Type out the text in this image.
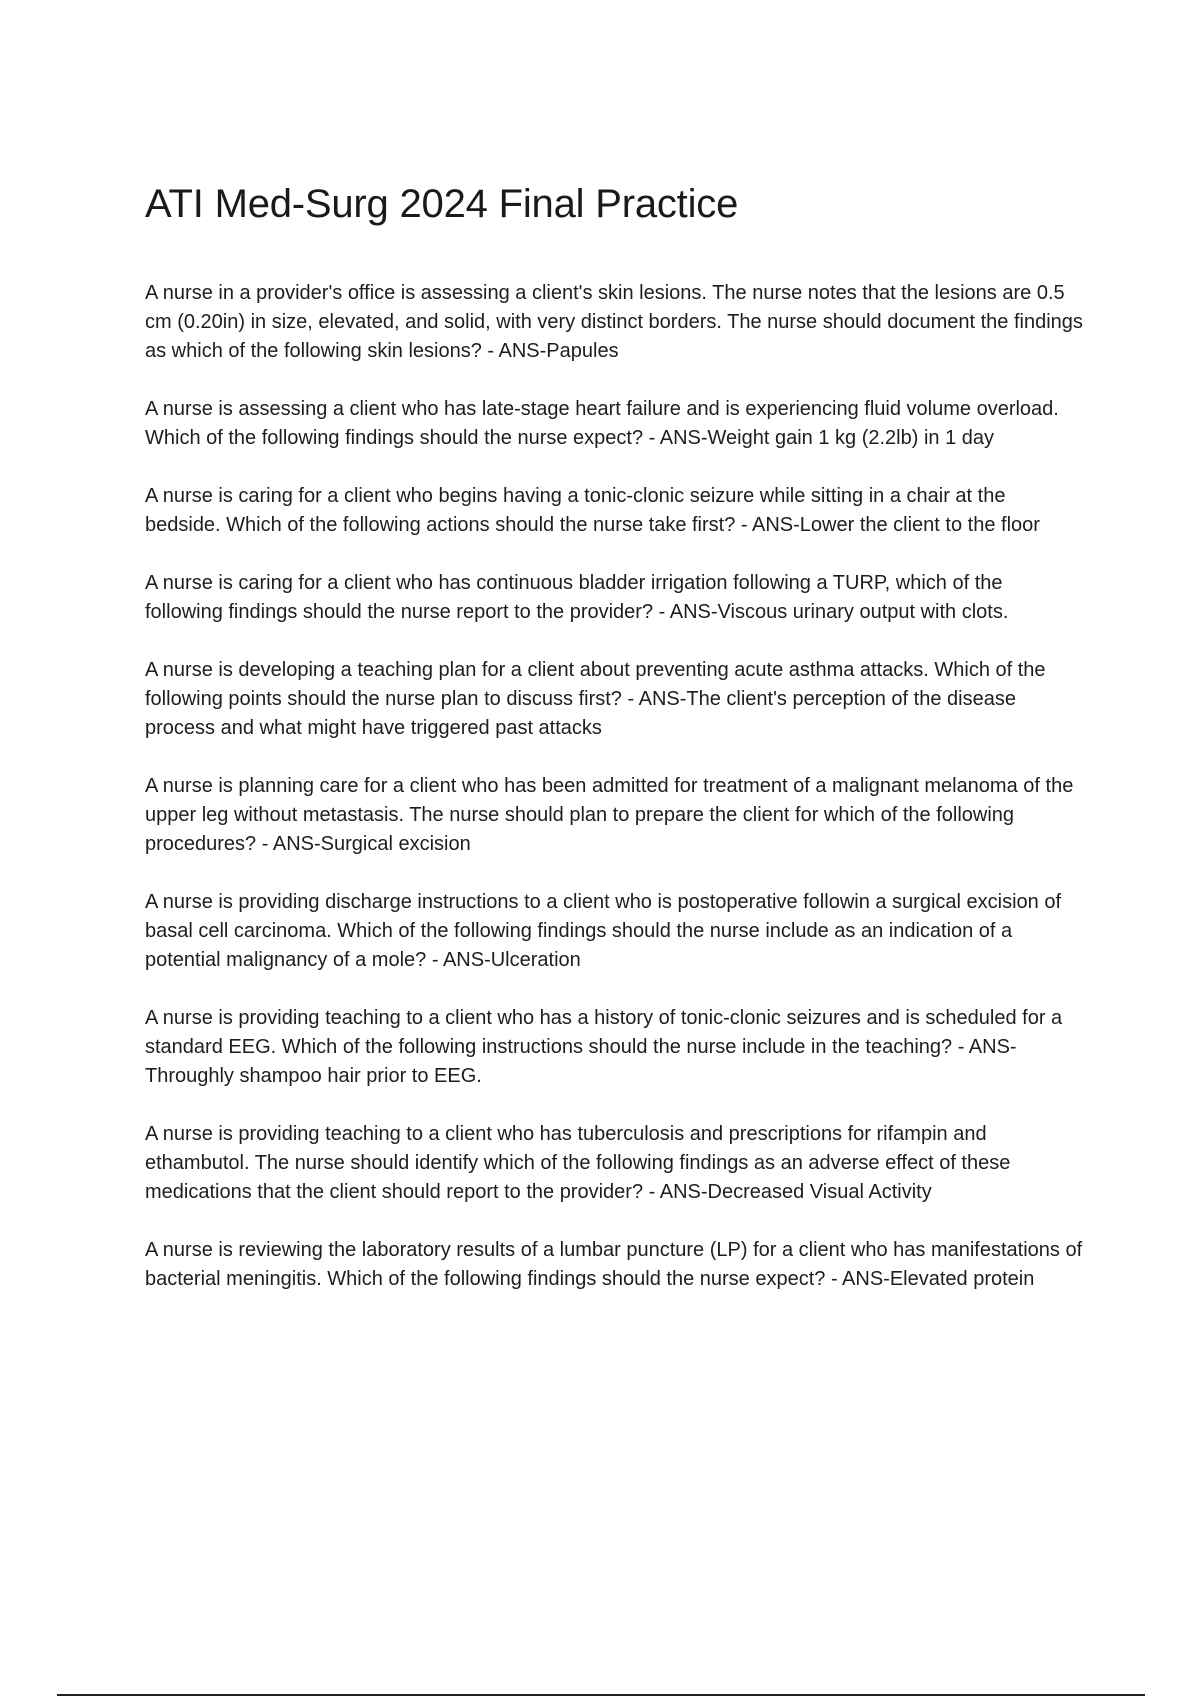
ATI Med-Surg 2024 Final Practice

A nurse in a provider's office is assessing a client's skin lesions. The nurse notes that the lesions are 0.5 cm (0.20in) in size, elevated, and solid, with very distinct borders. The nurse should document the findings as which of the following skin lesions? - ANS-Papules

A nurse is assessing a client who has late-stage heart failure and is experiencing fluid volume overload. Which of the following findings should the nurse expect? - ANS-Weight gain 1 kg (2.2lb) in 1 day

A nurse is caring for a client who begins having a tonic-clonic seizure while sitting in a chair at the bedside. Which of the following actions should the nurse take first? - ANS-Lower the client to the floor

A nurse is caring for a client who has continuous bladder irrigation following a TURP, which of the following findings should the nurse report to the provider? - ANS-Viscous urinary output with clots.

A nurse is developing a teaching plan for a client about preventing acute asthma attacks. Which of the following points should the nurse plan to discuss first? - ANS-The client's perception of the disease process and what might have triggered past attacks

A nurse is planning care for a client who has been admitted for treatment of a malignant melanoma of the upper leg without metastasis. The nurse should plan to prepare the client for which of the following procedures? - ANS-Surgical excision

A nurse is providing discharge instructions to a client who is postoperative followin a surgical excision of basal cell carcinoma. Which of the following findings should the nurse include as an indication of a potential malignancy of a mole? - ANS-Ulceration

A nurse is providing teaching to a client who has a history of tonic-clonic seizures and is scheduled for a standard EEG. Which of the following instructions should the nurse include in the teaching? - ANS-Throughly shampoo hair prior to EEG.

A nurse is providing teaching to a client who has tuberculosis and prescriptions for rifampin and ethambutol. The nurse should identify which of the following findings as an adverse effect of these medications that the client should report to the provider? - ANS-Decreased Visual Activity

A nurse is reviewing the laboratory results of a lumbar puncture (LP) for a client who has manifestations of bacterial meningitis. Which of the following findings should the nurse expect? - ANS-Elevated protein
